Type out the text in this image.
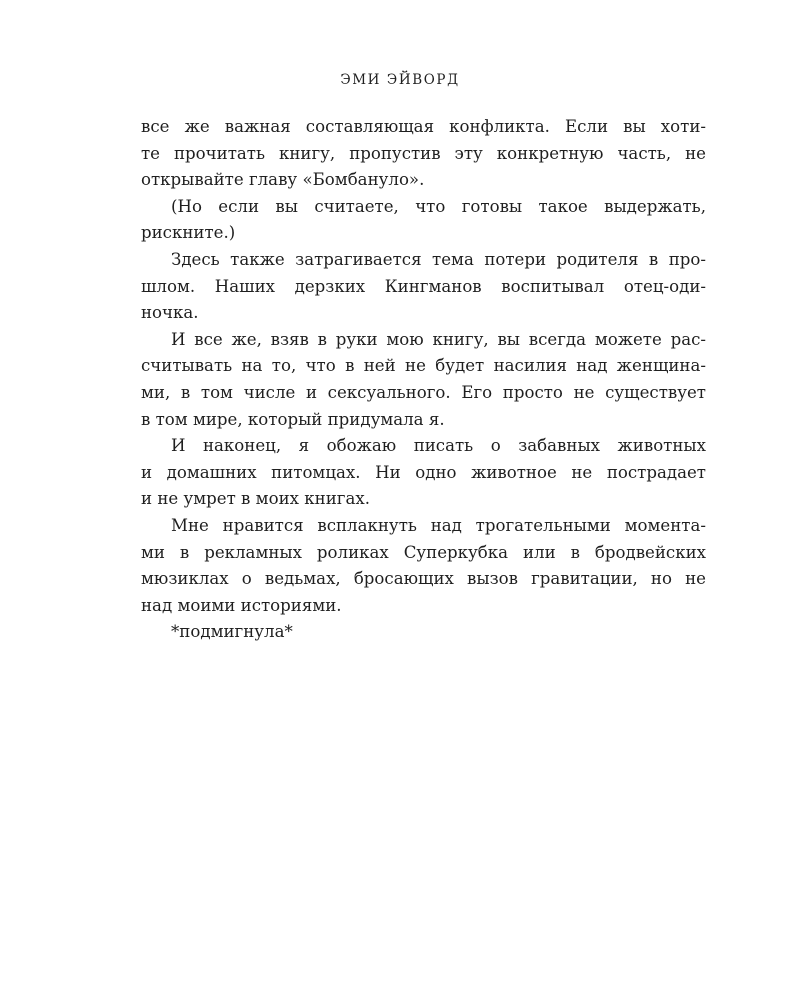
ЭМИ ЭЙВОРД
все же важная составляющая конфликта. Если вы хоти-
те прочитать книгу, пропустив эту конкретную часть, не
открывайте главу «Бомбануло».
(Но если вы считаете, что готовы такое выдержать,
рискните.)
Здесь также затрагивается тема потери родителя в про-
шлом. Наших дерзких Кингманов воспитывал отец-оди-
ночка.
И все же, взяв в руки мою книгу, вы всегда можете рас-
считывать на то, что в ней не будет насилия над женщина-
ми, в том числе и сексуального. Его просто не существует
в том мире, который придумала я.
И наконец, я обожаю писать о забавных животных
и домашних питомцах. Ни одно животное не пострадает
и не умрет в моих книгах.
Мне нравится всплакнуть над трогательными момента-
ми в рекламных роликах Суперкубка или в бродвейских
мюзиклах о ведьмах, бросающих вызов гравитации, но не
над моими историями.
*подмигнула*
